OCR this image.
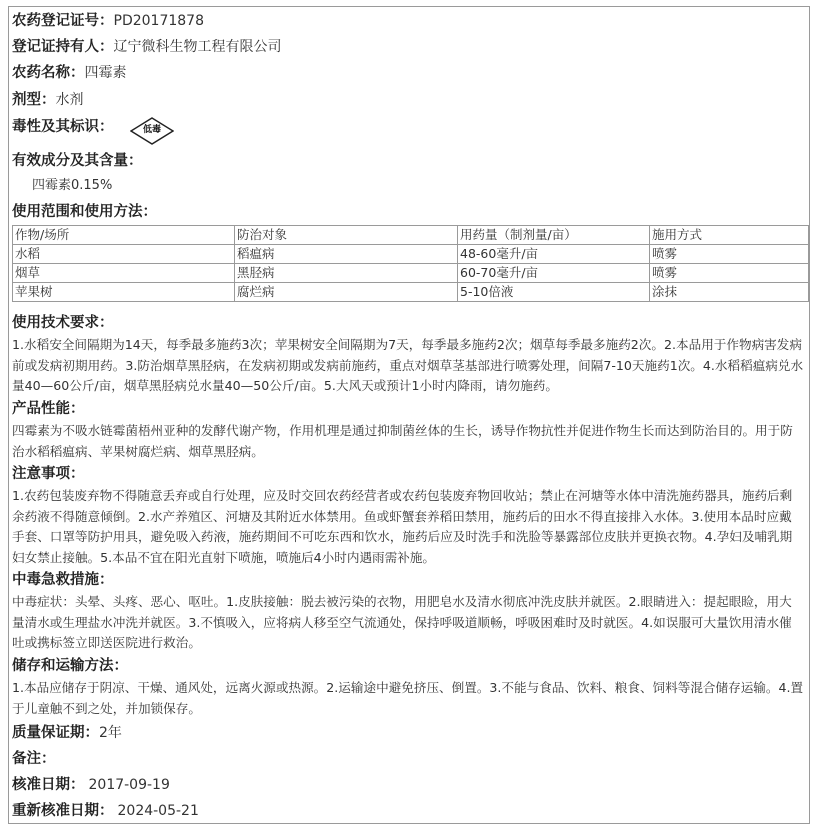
农药登记证号：PD20171878
登记证持有人：辽宁微科生物工程有限公司
农药名称：四霉素
剂型：水剂
毒性及其标识：	低毒
有效成分及其含量：
四霉素0.15%
使用范围和使用方法：
作物/场所	防治对象	用药量（制剂量/亩）	施用方式
水稻	稻瘟病	48-60毫升/亩	喷雾
烟草	黑胫病	60-70毫升/亩	喷雾
苹果树	腐烂病	5-10倍液	涂抹
使用技术要求：
1.水稻安全间隔期为14天，每季最多施药3次；苹果树安全间隔期为7天，每季最多施药2次；烟草每季最多施药2次。2.本品用于作物病害发病前或发病初期用药。3.防治烟草黑胫病，在发病初期或发病前施药，重点对烟草茎基部进行喷雾处理，间隔7-10天施药1次。4.水稻稻瘟病兑水量40—60公斤/亩，烟草黑胫病兑水量40—50公斤/亩。5.大风天或预计1小时内降雨，请勿施药。
产品性能：
四霉素为不吸水链霉菌梧州亚种的发酵代谢产物，作用机理是通过抑制菌丝体的生长，诱导作物抗性并促进作物生长而达到防治目的。用于防治水稻稻瘟病、苹果树腐烂病、烟草黑胫病。
注意事项：
1.农药包装废弃物不得随意丢弃或自行处理，应及时交回农药经营者或农药包装废弃物回收站；禁止在河塘等水体中清洗施药器具，施药后剩余药液不得随意倾倒。2.水产养殖区、河塘及其附近水体禁用。鱼或虾蟹套养稻田禁用，施药后的田水不得直接排入水体。3.使用本品时应戴手套、口罩等防护用具，避免吸入药液，施药期间不可吃东西和饮水，施药后应及时洗手和洗脸等暴露部位皮肤并更换衣物。4.孕妇及哺乳期妇女禁止接触。5.本品不宜在阳光直射下喷施，喷施后4小时内遇雨需补施。
中毒急救措施：
中毒症状：头晕、头疼、恶心、呕吐。1.皮肤接触：脱去被污染的衣物，用肥皂水及清水彻底冲洗皮肤并就医。2.眼睛进入：提起眼睑，用大量清水或生理盐水冲洗并就医。3.不慎吸入，应将病人移至空气流通处，保持呼吸道顺畅，呼吸困难时及时就医。4.如误服可大量饮用清水催吐或携标签立即送医院进行救治。
储存和运输方法：
1.本品应储存于阴凉、干燥、通风处，远离火源或热源。2.运输途中避免挤压、倒置。3.不能与食品、饮料、粮食、饲料等混合储存运输。4.置于儿童触不到之处，并加锁保存。
质量保证期：2年
备注：
核准日期： 2017-09-19
重新核准日期： 2024-05-21
